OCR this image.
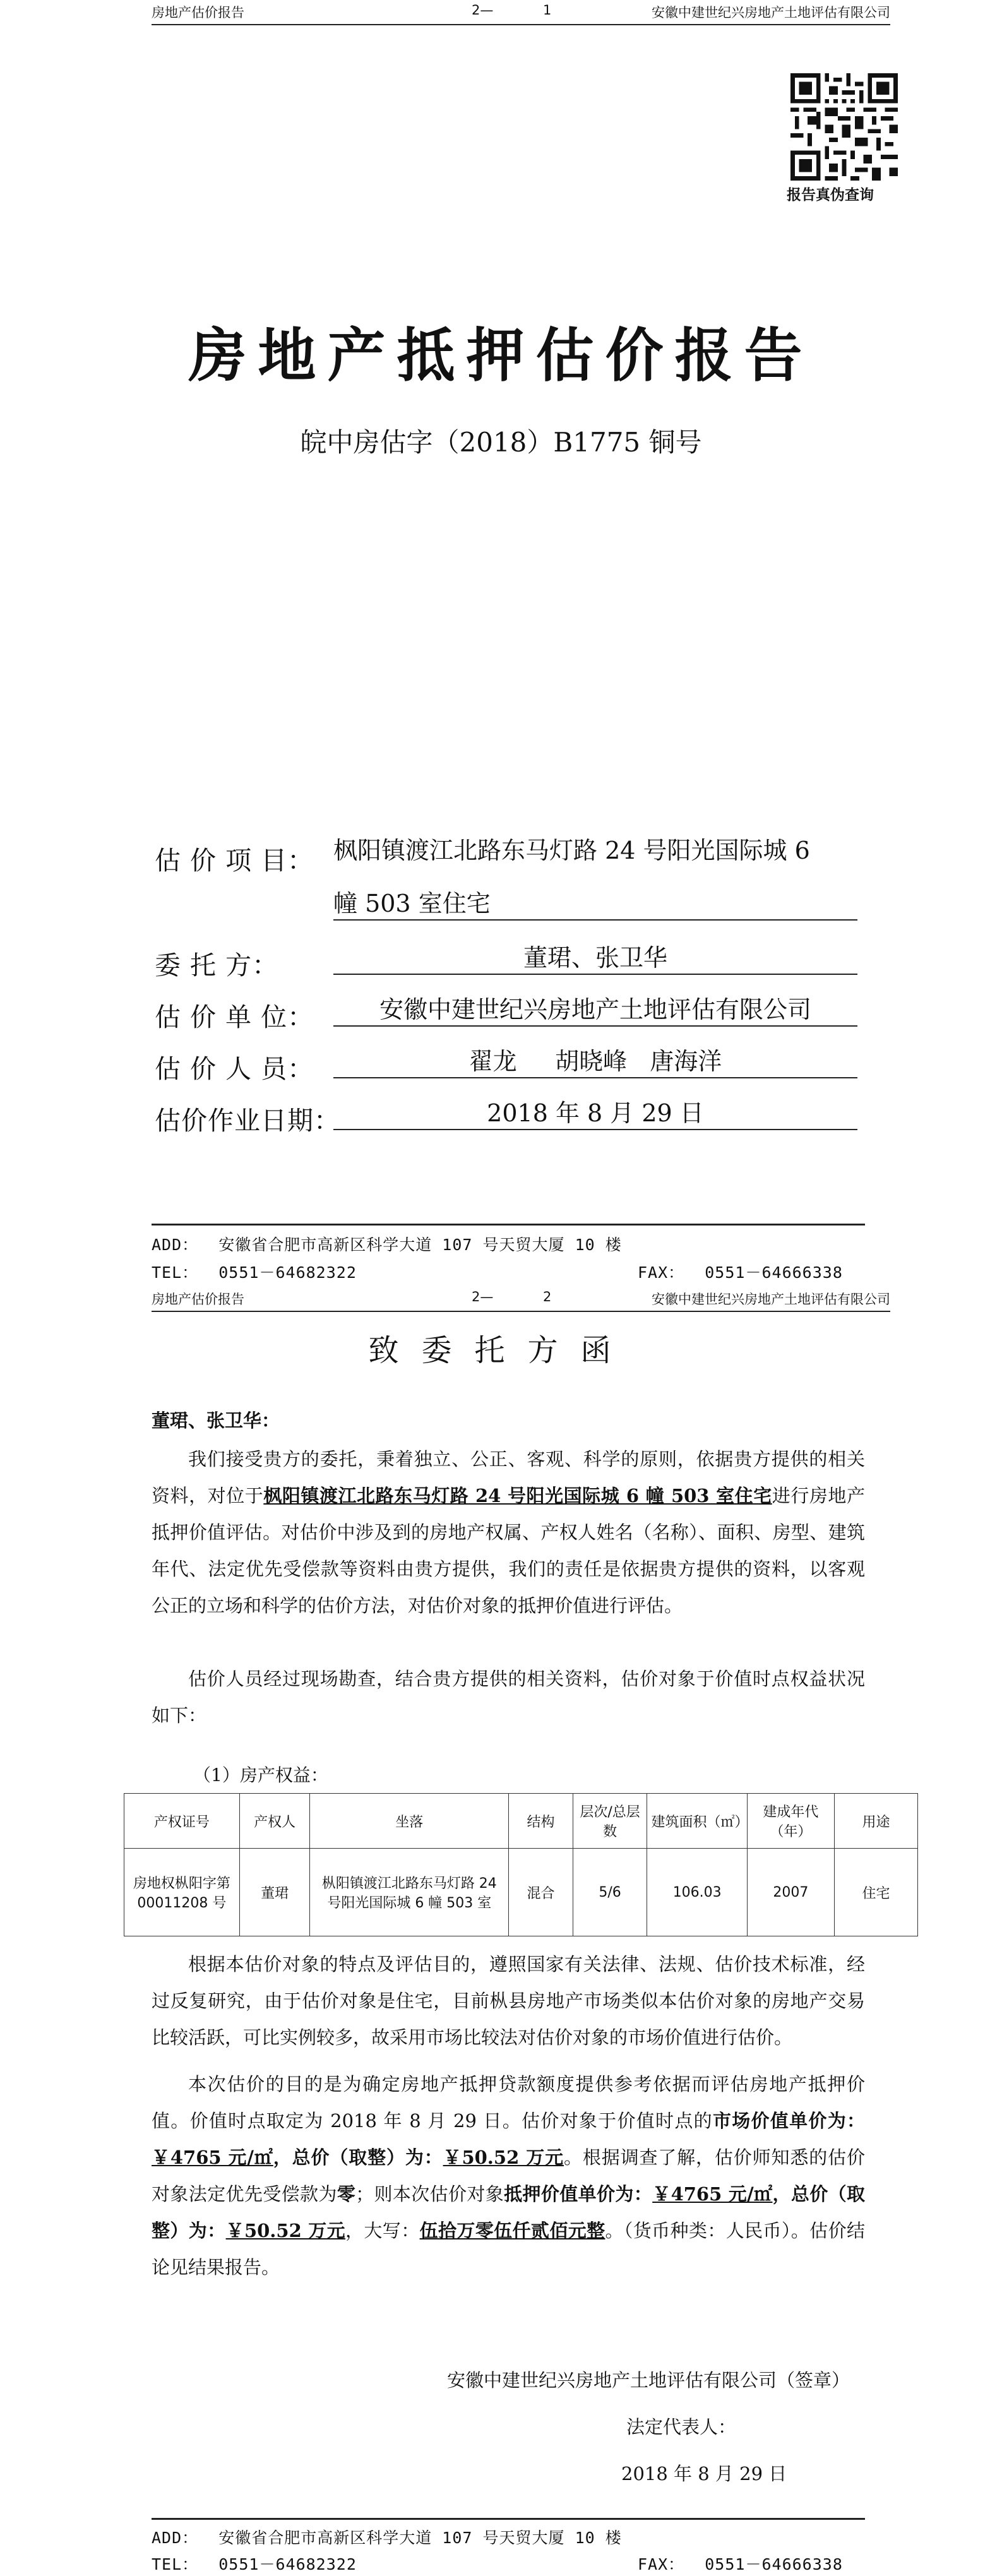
房地产估价报告	2—	1	安徽中建世纪兴房地产土地评估有限公司
报告真伪查询
房地产抵押估价报告
皖中房估字（2018）B1775 铜号
估 价 项 目： 枫阳镇渡江北路东马灯路 24 号阳光国际城 6
幢 503 室住宅
委 托 方：	董珺、张卫华
估 价 单 位：	安徽中建世纪兴房地产土地评估有限公司
估 价 人 员：	翟龙     胡晓峰   唐海洋
估价作业日期：	2018 年 8 月 29 日
ADD：  安徽省合肥市高新区科学大道 107 号天贸大厦 10 楼
TEL：  0551－64682322	FAX：  0551－64666338
房地产估价报告	2—	2	安徽中建世纪兴房地产土地评估有限公司
致委托方函
董珺、张卫华：

我们接受贵方的委托，秉着独立、公正、客观、科学的原则，依据贵方提供的相关资料，对位于枫阳镇渡江北路东马灯路 24 号阳光国际城 6 幢 503 室住宅进行房地产抵押价值评估。对估价中涉及到的房地产权属、产权人姓名（名称）、面积、房型、建筑年代、法定优先受偿款等资料由贵方提供，我们的责任是依据贵方提供的资料，以客观公正的立场和科学的估价方法，对估价对象的抵押价值进行评估。

估价人员经过现场勘查，结合贵方提供的相关资料，估价对象于价值时点权益状况如下：

（1）房产权益：
产权证号	产权人	坐落	结构	层次/总层数	建筑面积（㎡）	建成年代（年）	用途
房地权枞阳字第00011208 号	董珺	枞阳镇渡江北路东马灯路 24 号阳光国际城 6 幢 503 室	混合	5/6	106.03	2007	住宅

根据本估价对象的特点及评估目的，遵照国家有关法律、法规、估价技术标准，经过反复研究，由于估价对象是住宅，目前枞县房地产市场类似本估价对象的房地产交易比较活跃，可比实例较多，故采用市场比较法对估价对象的市场价值进行估价。

本次估价的目的是为确定房地产抵押贷款额度提供参考依据而评估房地产抵押价值。价值时点取定为 2018 年 8 月 29 日。估价对象于价值时点的市场价值单价为：￥4765 元/㎡，总价（取整）为：￥50.52 万元。根据调查了解，估价师知悉的估价对象法定优先受偿款为零；则本次估价对象抵押价值单价为：￥4765 元/㎡，总价（取整）为：￥50.52 万元，大写：伍拾万零伍仟贰佰元整。（货币种类：人民币）。估价结论见结果报告。

安徽中建世纪兴房地产土地评估有限公司（签章）
法定代表人：
2018 年 8 月 29 日
ADD：  安徽省合肥市高新区科学大道 107 号天贸大厦 10 楼
TEL：  0551－64682322	FAX：  0551－64666338
